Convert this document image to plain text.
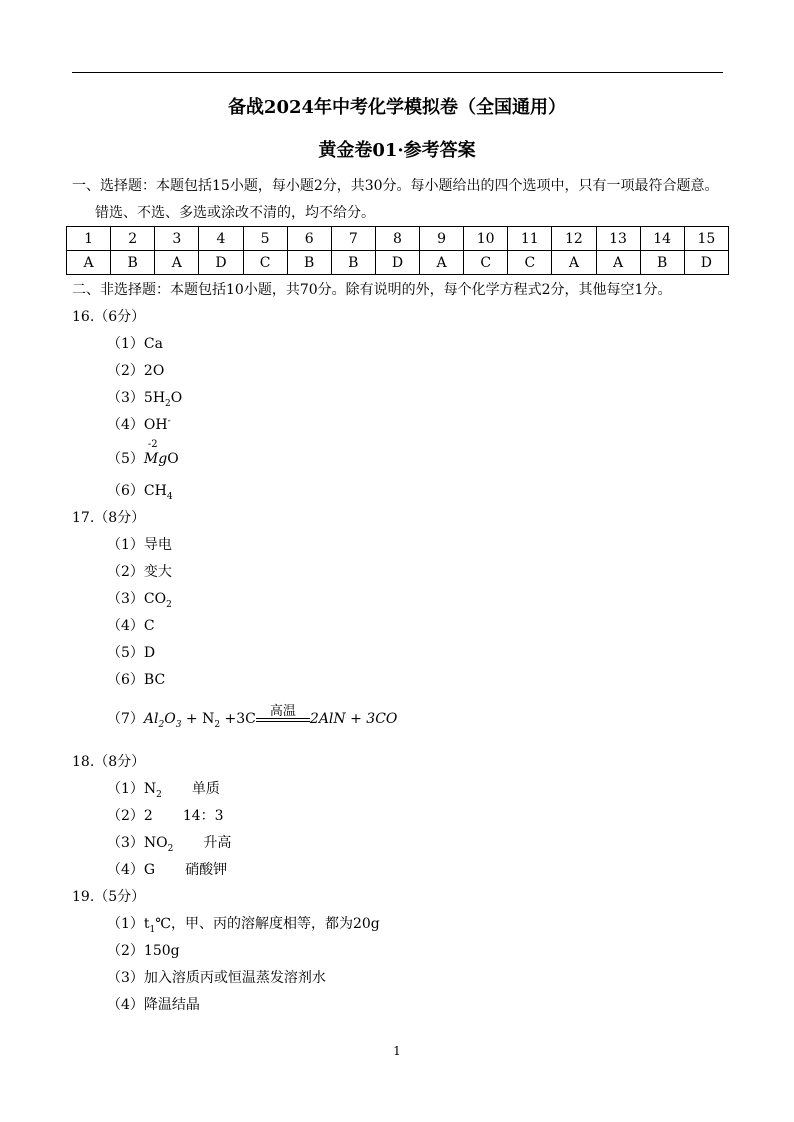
备战2024年中考化学模拟卷（全国通用）
黄金卷01·参考答案
一、选择题：本题包括15小题，每小题2分，共30分。每小题给出的四个选项中，只有一项最符合题意。
错选、不选、多选或涂改不清的，均不给分。
1	2	3	4	5	6	7	8	9	10	11	12	13	14	15
A	B	A	D	C	B	B	D	A	C	C	A	A	B	D
二、非选择题：本题包括10小题，共70分。除有说明的外，每个化学方程式2分，其他每空1分。
16.（6分）
（1）Ca
（2）2O
$(3)5H_2O$
（4）OH-
（5）
-2
MgO
$(6)CH_4$
17.（8分）
（1）导电
（2）变大
$(3)CO_2$
（4）C
（5）D
（6）BC
$(7)Al_2O_3 + N_2 +3C$	高温	2AlN + 3CO
18.（8分）
$(1)N_2$ 单质
（2）2 14：3
$(3)NO_2$ 升高
（4）G 硝酸钾
19.（5分）
$(1)t_1℃$，甲、丙的溶解度相等，都为20g
（2）150g
（3）加入溶质丙或恒温蒸发溶剂水
（4）降温结晶
1
